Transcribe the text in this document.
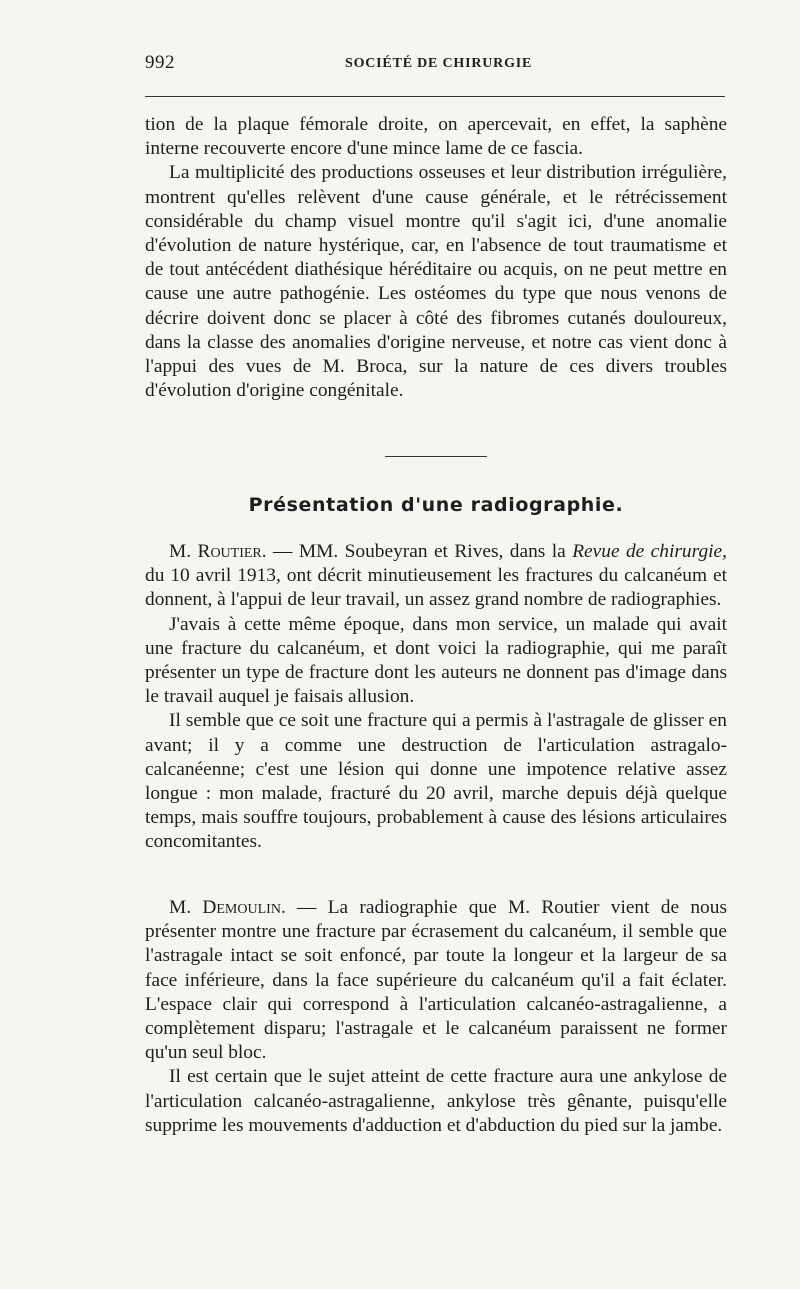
992	SOCIÉTÉ DE CHIRURGIE

tion de la plaque fémorale droite, on apercevait, en effet, la saphène interne recouverte encore d'une mince lame de ce fascia.

La multiplicité des productions osseuses et leur distribution irrégulière, montrent qu'elles relèvent d'une cause générale, et le rétrécissement considérable du champ visuel montre qu'il s'agit ici, d'une anomalie d'évolution de nature hystérique, car, en l'absence de tout traumatisme et de tout antécédent diathésique héréditaire ou acquis, on ne peut mettre en cause une autre pathogénie. Les ostéomes du type que nous venons de décrire doivent donc se placer à côté des fibromes cutanés douloureux, dans la classe des anomalies d'origine nerveuse, et notre cas vient donc à l'appui des vues de M. Broca, sur la nature de ces divers troubles d'évolution d'origine congénitale.

Présentation d'une radiographie.

M. Routier. — MM. Soubeyran et Rives, dans la Revue de chirurgie, du 10 avril 1913, ont décrit minutieusement les fractures du calcanéum et donnent, à l'appui de leur travail, un assez grand nombre de radiographies.

J'avais à cette même époque, dans mon service, un malade qui avait une fracture du calcanéum, et dont voici la radiographie, qui me paraît présenter un type de fracture dont les auteurs ne donnent pas d'image dans le travail auquel je faisais allusion.

Il semble que ce soit une fracture qui a permis à l'astragale de glisser en avant; il y a comme une destruction de l'articulation astragalo-calcanéenne; c'est une lésion qui donne une impotence relative assez longue : mon malade, fracturé du 20 avril, marche depuis déjà quelque temps, mais souffre toujours, probablement à cause des lésions articulaires concomitantes.

M. Demoulin. — La radiographie que M. Routier vient de nous présenter montre une fracture par écrasement du calcanéum, il semble que l'astragale intact se soit enfoncé, par toute la longeur et la largeur de sa face inférieure, dans la face supérieure du calcanéum qu'il a fait éclater. L'espace clair qui correspond à l'articulation calcanéo-astragalienne, a complètement disparu; l'astragale et le calcanéum paraissent ne former qu'un seul bloc.

Il est certain que le sujet atteint de cette fracture aura une ankylose de l'articulation calcanéo-astragalienne, ankylose très gênante, puisqu'elle supprime les mouvements d'adduction et d'abduction du pied sur la jambe.
